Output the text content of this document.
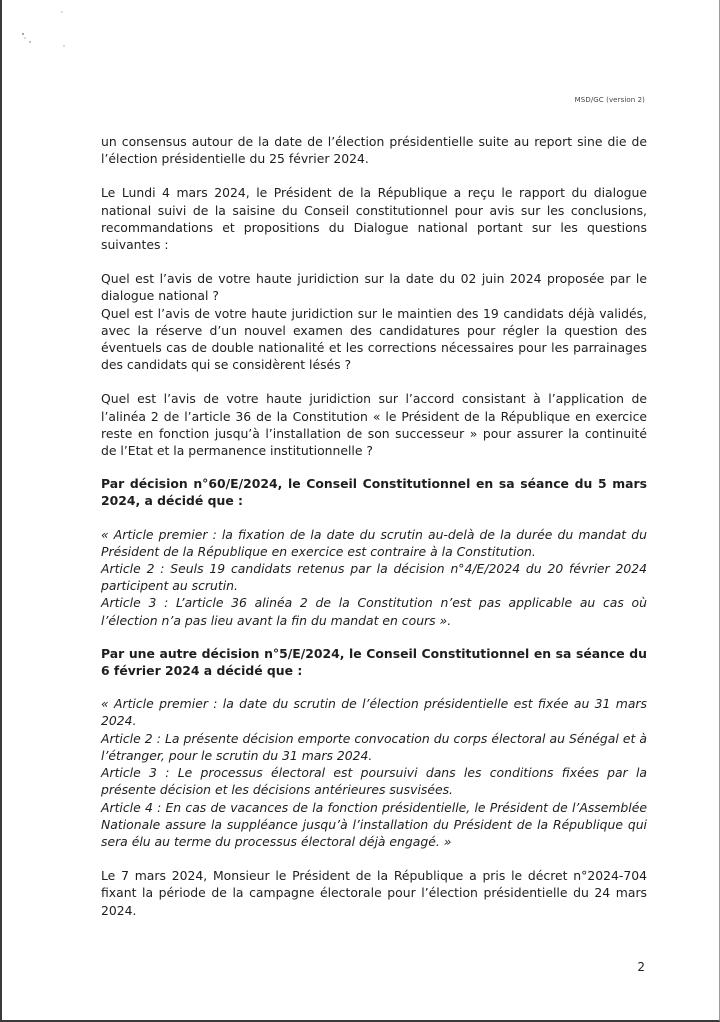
MSD/GC (version 2)

un consensus autour de la date de l’élection présidentielle suite au report sine die de l’élection présidentielle du 25 février 2024.

Le Lundi 4 mars 2024, le Président de la République a reçu le rapport du dialogue national suivi de la saisine du Conseil constitutionnel pour avis sur les conclusions, recommandations et propositions du Dialogue national portant sur les questions suivantes :

Quel est l’avis de votre haute juridiction sur la date du 02 juin 2024 proposée par le dialogue national ?

Quel est l’avis de votre haute juridiction sur le maintien des 19 candidats déjà validés, avec la réserve d’un nouvel examen des candidatures pour régler la question des éventuels cas de double nationalité et les corrections nécessaires pour les parrainages des candidats qui se considèrent lésés ?

Quel est l’avis de votre haute juridiction sur l’accord consistant à l’application de l’alinéa 2 de l’article 36 de la Constitution « le Président de la République en exercice reste en fonction jusqu’à l’installation de son successeur » pour assurer la continuité de l’Etat et la permanence institutionnelle ?

Par décision n°60/E/2024, le Conseil Constitutionnel en sa séance du 5 mars 2024, a décidé que :

« Article premier : la fixation de la date du scrutin au-delà de la durée du mandat du Président de la République en exercice est contraire à la Constitution.

Article 2 : Seuls 19 candidats retenus par la décision n°4/E/2024 du 20 février 2024 participent au scrutin.

Article 3 : L’article 36 alinéa 2 de la Constitution n’est pas applicable au cas où l’élection n’a pas lieu avant la fin du mandat en cours ».

Par une autre décision n°5/E/2024, le Conseil Constitutionnel en sa séance du 6 février 2024 a décidé que :

« Article premier : la date du scrutin de l’élection présidentielle est fixée au 31 mars 2024.

Article 2 : La présente décision emporte convocation du corps électoral au Sénégal et à l’étranger, pour le scrutin du 31 mars 2024.

Article 3 : Le processus électoral est poursuivi dans les conditions fixées par la présente décision et les décisions antérieures susvisées.

Article 4 : En cas de vacances de la fonction présidentielle, le Président de l’Assemblée Nationale assure la suppléance jusqu’à l’installation du Président de la République qui sera élu au terme du processus électoral déjà engagé. »

Le 7 mars 2024, Monsieur le Président de la République a pris le décret n°2024-704 fixant la période de la campagne électorale pour l’élection présidentielle du 24 mars 2024.

2
